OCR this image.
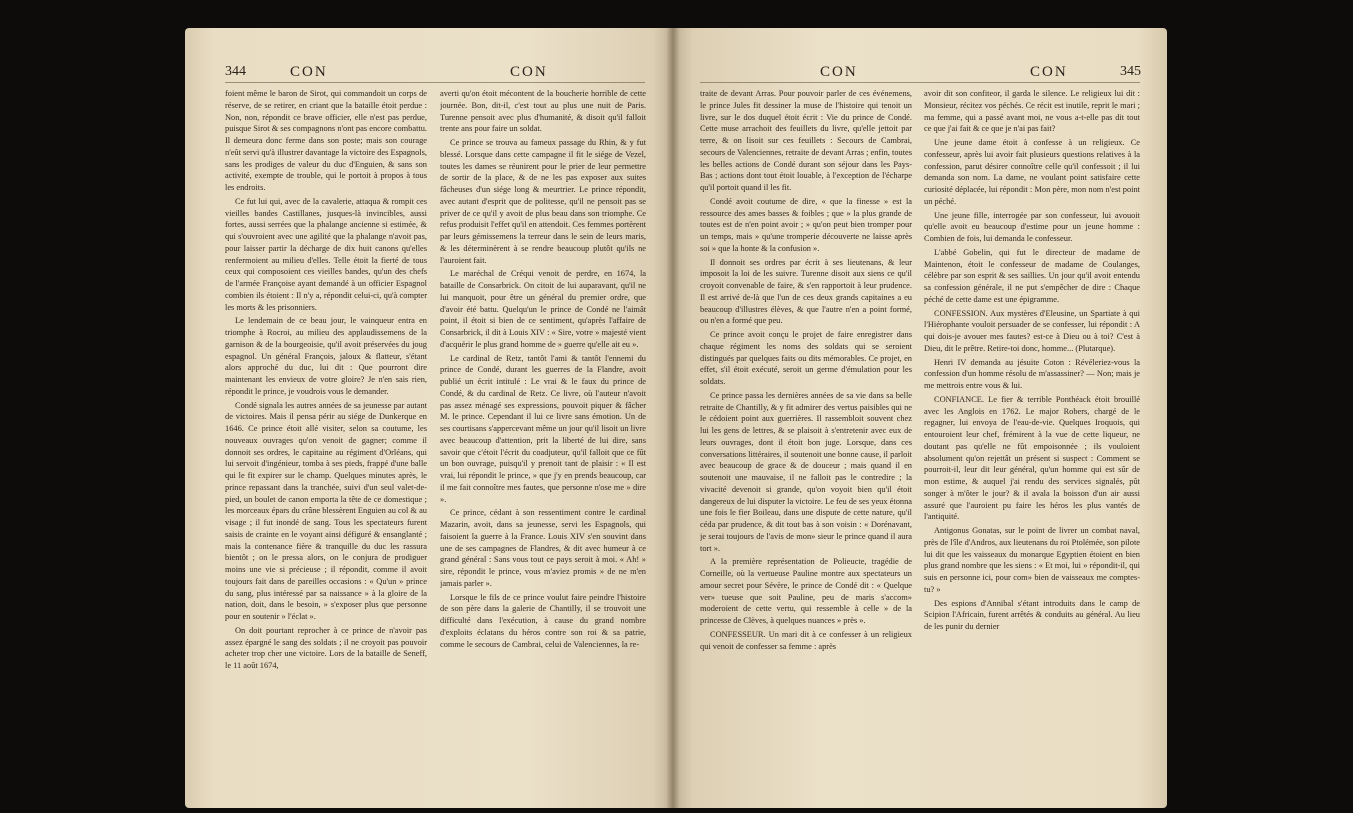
344	CON	CON	CON	CON	345

foient même le baron de Sirot, qui commandoit un corps de réserve, de se retirer, en criant que la bataille étoit perdue : Non, non, répondit ce brave officier, elle n'est pas perdue, puisque Sirot & ses compagnons n'ont pas encore combattu. Il demeura donc ferme dans son poste; mais son courage n'eût servi qu'à illustrer davantage la victoire des Espagnols, sans les prodiges de valeur du duc d'Enguien, & sans son activité, exempte de trouble, qui le portoit à propos à tous les endroits.

Ce fut lui qui, avec de la cavalerie, attaqua & rompit ces vieilles bandes Castillanes, jusques-là invincibles, aussi fortes, aussi serrées que la phalange ancienne si estimée, & qui s'ouvroient avec une agilité que la phalange n'avoit pas, pour laisser partir la décharge de dix huit canons qu'elles renfermoient au milieu d'elles. Telle étoit la fierté de tous ceux qui composoient ces vieilles bandes, qu'un des chefs de l'armée Françoise ayant demandé à un officier Espagnol combien ils étoient : Il n'y a, répondit celui-ci, qu'à compter les morts & les prisonniers.

Le lendemain de ce beau jour, le vainqueur entra en triomphe à Rocroi, au milieu des applaudissemens de la garnison & de la bourgeoisie, qu'il avoit préservées du joug espagnol. Un général François, jaloux & flatteur, s'étant alors approché du duc, lui dit : Que pourront dire maintenant les envieux de votre gloire? Je n'en sais rien, répondit le prince, je voudrois vous le demander.

Condé signala les autres années de sa jeunesse par autant de victoires. Mais il pensa périr au siége de Dunkerque en 1646. Ce prince étoit allé visiter, selon sa coutume, les nouveaux ouvrages qu'on venoit de gagner; comme il donnoit ses ordres, le capitaine au régiment d'Orléans, qui lui servoit d'ingénieur, tomba à ses pieds, frappé d'une balle qui le fit expirer sur le champ. Quelques minutes après, le prince repassant dans la tranchée, suivi d'un seul valet-de-pied, un boulet de canon emporta la tête de ce domestique ; les morceaux épars du crâne blessèrent Enguien au col & au visage ; il fut inondé de sang. Tous les spectateurs furent saisis de crainte en le voyant ainsi défiguré & ensanglanté ; mais la contenance fière & tranquille du duc les rassura bientôt ; on le pressa alors, on le conjura de prodiguer moins une vie si précieuse ; il répondit, comme il avoit toujours fait dans de pareilles occasions : « Qu'un » prince du sang, plus intéressé par sa naissance » à la gloire de la nation, doit, dans le besoin, » s'exposer plus que personne pour en soutenir » l'éclat ».

On doit pourtant reprocher à ce prince de n'avoir pas assez épargné le sang des soldats ; il ne croyoit pas pouvoir acheter trop cher une victoire. Lors de la bataille de Seneff, le 11 août 1674,

averti qu'on étoit mécontent de la boucherie horrible de cette journée. Bon, dit-il, c'est tout au plus une nuit de Paris. Turenne pensoit avec plus d'humanité, & disoit qu'il falloit trente ans pour faire un soldat.

Ce prince se trouva au fameux passage du Rhin, & y fut blessé. Lorsque dans cette campagne il fit le siége de Vezel, toutes les dames se réunirent pour le prier de leur permettre de sortir de la place, & de ne les pas exposer aux suites fâcheuses d'un siége long & meurtrier. Le prince répondit, avec autant d'esprit que de politesse, qu'il ne pensoit pas se priver de ce qu'il y avoit de plus beau dans son triomphe. Ce refus produisit l'effet qu'il en attendoit. Ces femmes portèrent par leurs gémissemens la terreur dans le sein de leurs maris, & les déterminèrent à se rendre beaucoup plutôt qu'ils ne l'auroient fait.

Le maréchal de Créqui venoit de perdre, en 1674, la bataille de Consarbrick. On citoit de lui auparavant, qu'il ne lui manquoit, pour être un général du premier ordre, que d'avoir été battu. Quelqu'un le prince de Condé ne l'aimât point, il étoit si bien de ce sentiment, qu'après l'affaire de Consarbrick, il dit à Louis XIV : « Sire, votre » majesté vient d'acquérir le plus grand homme de » guerre qu'elle ait eu ».

Le cardinal de Retz, tantôt l'ami & tantôt l'ennemi du prince de Condé, durant les guerres de la Flandre, avoit publié un écrit intitulé : Le vrai & le faux du prince de Condé, & du cardinal de Retz. Ce livre, où l'auteur n'avoit pas assez ménagé ses expressions, pouvoit piquer & fâcher M. le prince. Cependant il lui ce livre sans émotion. Un de ses courtisans s'appercevant même un jour qu'il lisoit un livre avec beaucoup d'attention, prit la liberté de lui dire, sans savoir que c'étoit l'écrit du coadjuteur, qu'il falloit que ce fût un bon ouvrage, puisqu'il y prenoit tant de plaisir : « Il est vrai, lui répondit le prince, » que j'y en prends beaucoup, car il me fait connoître mes fautes, que personne n'ose me » dire ».

Ce prince, cédant à son ressentiment contre le cardinal Mazarin, avoit, dans sa jeunesse, servi les Espagnols, qui faisoient la guerre à la France. Louis XIV s'en souvint dans une de ses campagnes de Flandres, & dit avec humeur à ce grand général : Sans vous tout ce pays seroit à moi. « Ah! » sire, répondit le prince, vous m'aviez promis » de ne m'en jamais parler ».

Lorsque le fils de ce prince voulut faire peindre l'histoire de son père dans la galerie de Chantilly, il se trouvoit une difficulté dans l'exécution, à cause du grand nombre d'exploits éclatans du héros contre son roi & sa patrie, comme le secours de Cambrai, celui de Valenciennes, la re-

traite de devant Arras. Pour pouvoir parler de ces événemens, le prince Jules fit dessiner la muse de l'histoire qui tenoit un livre, sur le dos duquel étoit écrit : Vie du prince de Condé. Cette muse arrachoit des feuillets du livre, qu'elle jettoit par terre, & on lisoit sur ces feuillets : Secours de Cambrai, secours de Valenciennes, retraite de devant Arras ; enfin, toutes les belles actions de Condé durant son séjour dans les Pays-Bas ; actions dont tout étoit louable, à l'exception de l'écharpe qu'il portoit quand il les fit.

Condé avoit coutume de dire, « que la finesse » est la ressource des ames basses & foibles ; que » la plus grande de toutes est de n'en point avoir ; » qu'on peut bien tromper pour un temps, mais » qu'une tromperie découverte ne laisse après soi » que la honte & la confusion ».

Il donnoit ses ordres par écrit à ses lieutenans, & leur imposoit la loi de les suivre. Turenne disoit aux siens ce qu'il croyoit convenable de faire, & s'en rapportoit à leur prudence. Il est arrivé de-là que l'un de ces deux grands capitaines a eu beaucoup d'illustres élèves, & que l'autre n'en a point formé, ou n'en a formé que peu.

Ce prince avoit conçu le projet de faire enregistrer dans chaque régiment les noms des soldats qui se seroient distingués par quelques faits ou dits mémorables. Ce projet, en effet, s'il étoit exécuté, seroit un germe d'émulation pour les soldats.

Ce prince passa les dernières années de sa vie dans sa belle retraite de Chantilly, & y fit admirer des vertus paisibles qui ne le cédoient point aux guerrières. Il rassembloit souvent chez lui les gens de lettres, & se plaisoit à s'entretenir avec eux de leurs ouvrages, dont il étoit bon juge. Lorsque, dans ces conversations littéraires, il soutenoit une bonne cause, il parloit avec beaucoup de grace & de douceur ; mais quand il en soutenoit une mauvaise, il ne falloit pas le contredire ; la vivacité devenoit si grande, qu'on voyoit bien qu'il étoit dangereux de lui disputer la victoire. Le feu de ses yeux étonna une fois le fier Boileau, dans une dispute de cette nature, qu'il céda par prudence, & dit tout bas à son voisin : « Dorénavant, je serai toujours de l'avis de mon» sieur le prince quand il aura tort ».

A la première représentation de Polieucte, tragédie de Corneille, où la vertueuse Pauline montre aux spectateurs un amour secret pour Sévère, le prince de Condé dit : « Quelque ver» tueuse que soit Pauline, peu de maris s'accom» moderoient de cette vertu, qui ressemble à celle » de la princesse de Clèves, à quelques nuances » près ».

CONFESSEUR. Un mari dit à ce confesser à un religieux qui venoit de confesser sa femme : après

avoir dit son confiteor, il garda le silence. Le religieux lui dit : Monsieur, récitez vos péchés. Ce récit est inutile, reprit le mari ; ma femme, qui a passé avant moi, ne vous a-t-elle pas dit tout ce que j'ai fait & ce que je n'ai pas fait?

Une jeune dame étoit à confesse à un religieux. Ce confesseur, après lui avoir fait plusieurs questions relatives à la confession, parut désirer connoître celle qu'il confessoit ; il lui demanda son nom. La dame, ne voulant point satisfaire cette curiosité déplacée, lui répondit : Mon père, mon nom n'est point un péché.

Une jeune fille, interrogée par son confesseur, lui avouoit qu'elle avoit eu beaucoup d'estime pour un jeune homme : Combien de fois, lui demanda le confesseur.

L'abbé Gobelin, qui fut le directeur de madame de Maintenon, étoit le confesseur de madame de Coulanges, célèbre par son esprit & ses saillies. Un jour qu'il avoit entendu sa confession générale, il ne put s'empêcher de dire : Chaque péché de cette dame est une épigramme.

CONFESSION. Aux mystères d'Eleusine, un Spartiate à qui l'Hiérophante vouloit persuader de se confesser, lui répondit : A qui dois-je avouer mes fautes? est-ce à Dieu ou à toi? C'est à Dieu, dit le prêtre. Retire-toi donc, homme... (Plutarque).

Henri IV demanda au jésuite Coton : Révéleriez-vous la confession d'un homme résolu de m'assassiner? — Non; mais je me mettrois entre vous & lui.

CONFIANCE. Le fier & terrible Ponthéack étoit brouillé avec les Anglois en 1762. Le major Robers, chargé de le regagner, lui envoya de l'eau-de-vie. Quelques Iroquois, qui entouroient leur chef, frémirent à la vue de cette liqueur, ne doutant pas qu'elle ne fût empoisonnée ; ils vouloient absolument qu'on rejettât un présent si suspect : Comment se pourroit-il, leur dit leur général, qu'un homme qui est sûr de mon estime, & auquel j'ai rendu des services signalés, pût songer à m'ôter le jour? & il avala la boisson d'un air aussi assuré que l'auroient pu faire les héros les plus vantés de l'antiquité.

Antigonus Gonatas, sur le point de livrer un combat naval, près de l'île d'Andros, aux lieutenans du roi Ptolémée, son pilote lui dit que les vaisseaux du monarque Egyptien étoient en bien plus grand nombre que les siens : « Et moi, lui » répondit-il, qui suis en personne ici, pour com» bien de vaisseaux me comptes-tu? »

Des espions d'Annibal s'étant introduits dans le camp de Scipion l'Africain, furent arrêtés & conduits au général. Au lieu de les punir du dernier
